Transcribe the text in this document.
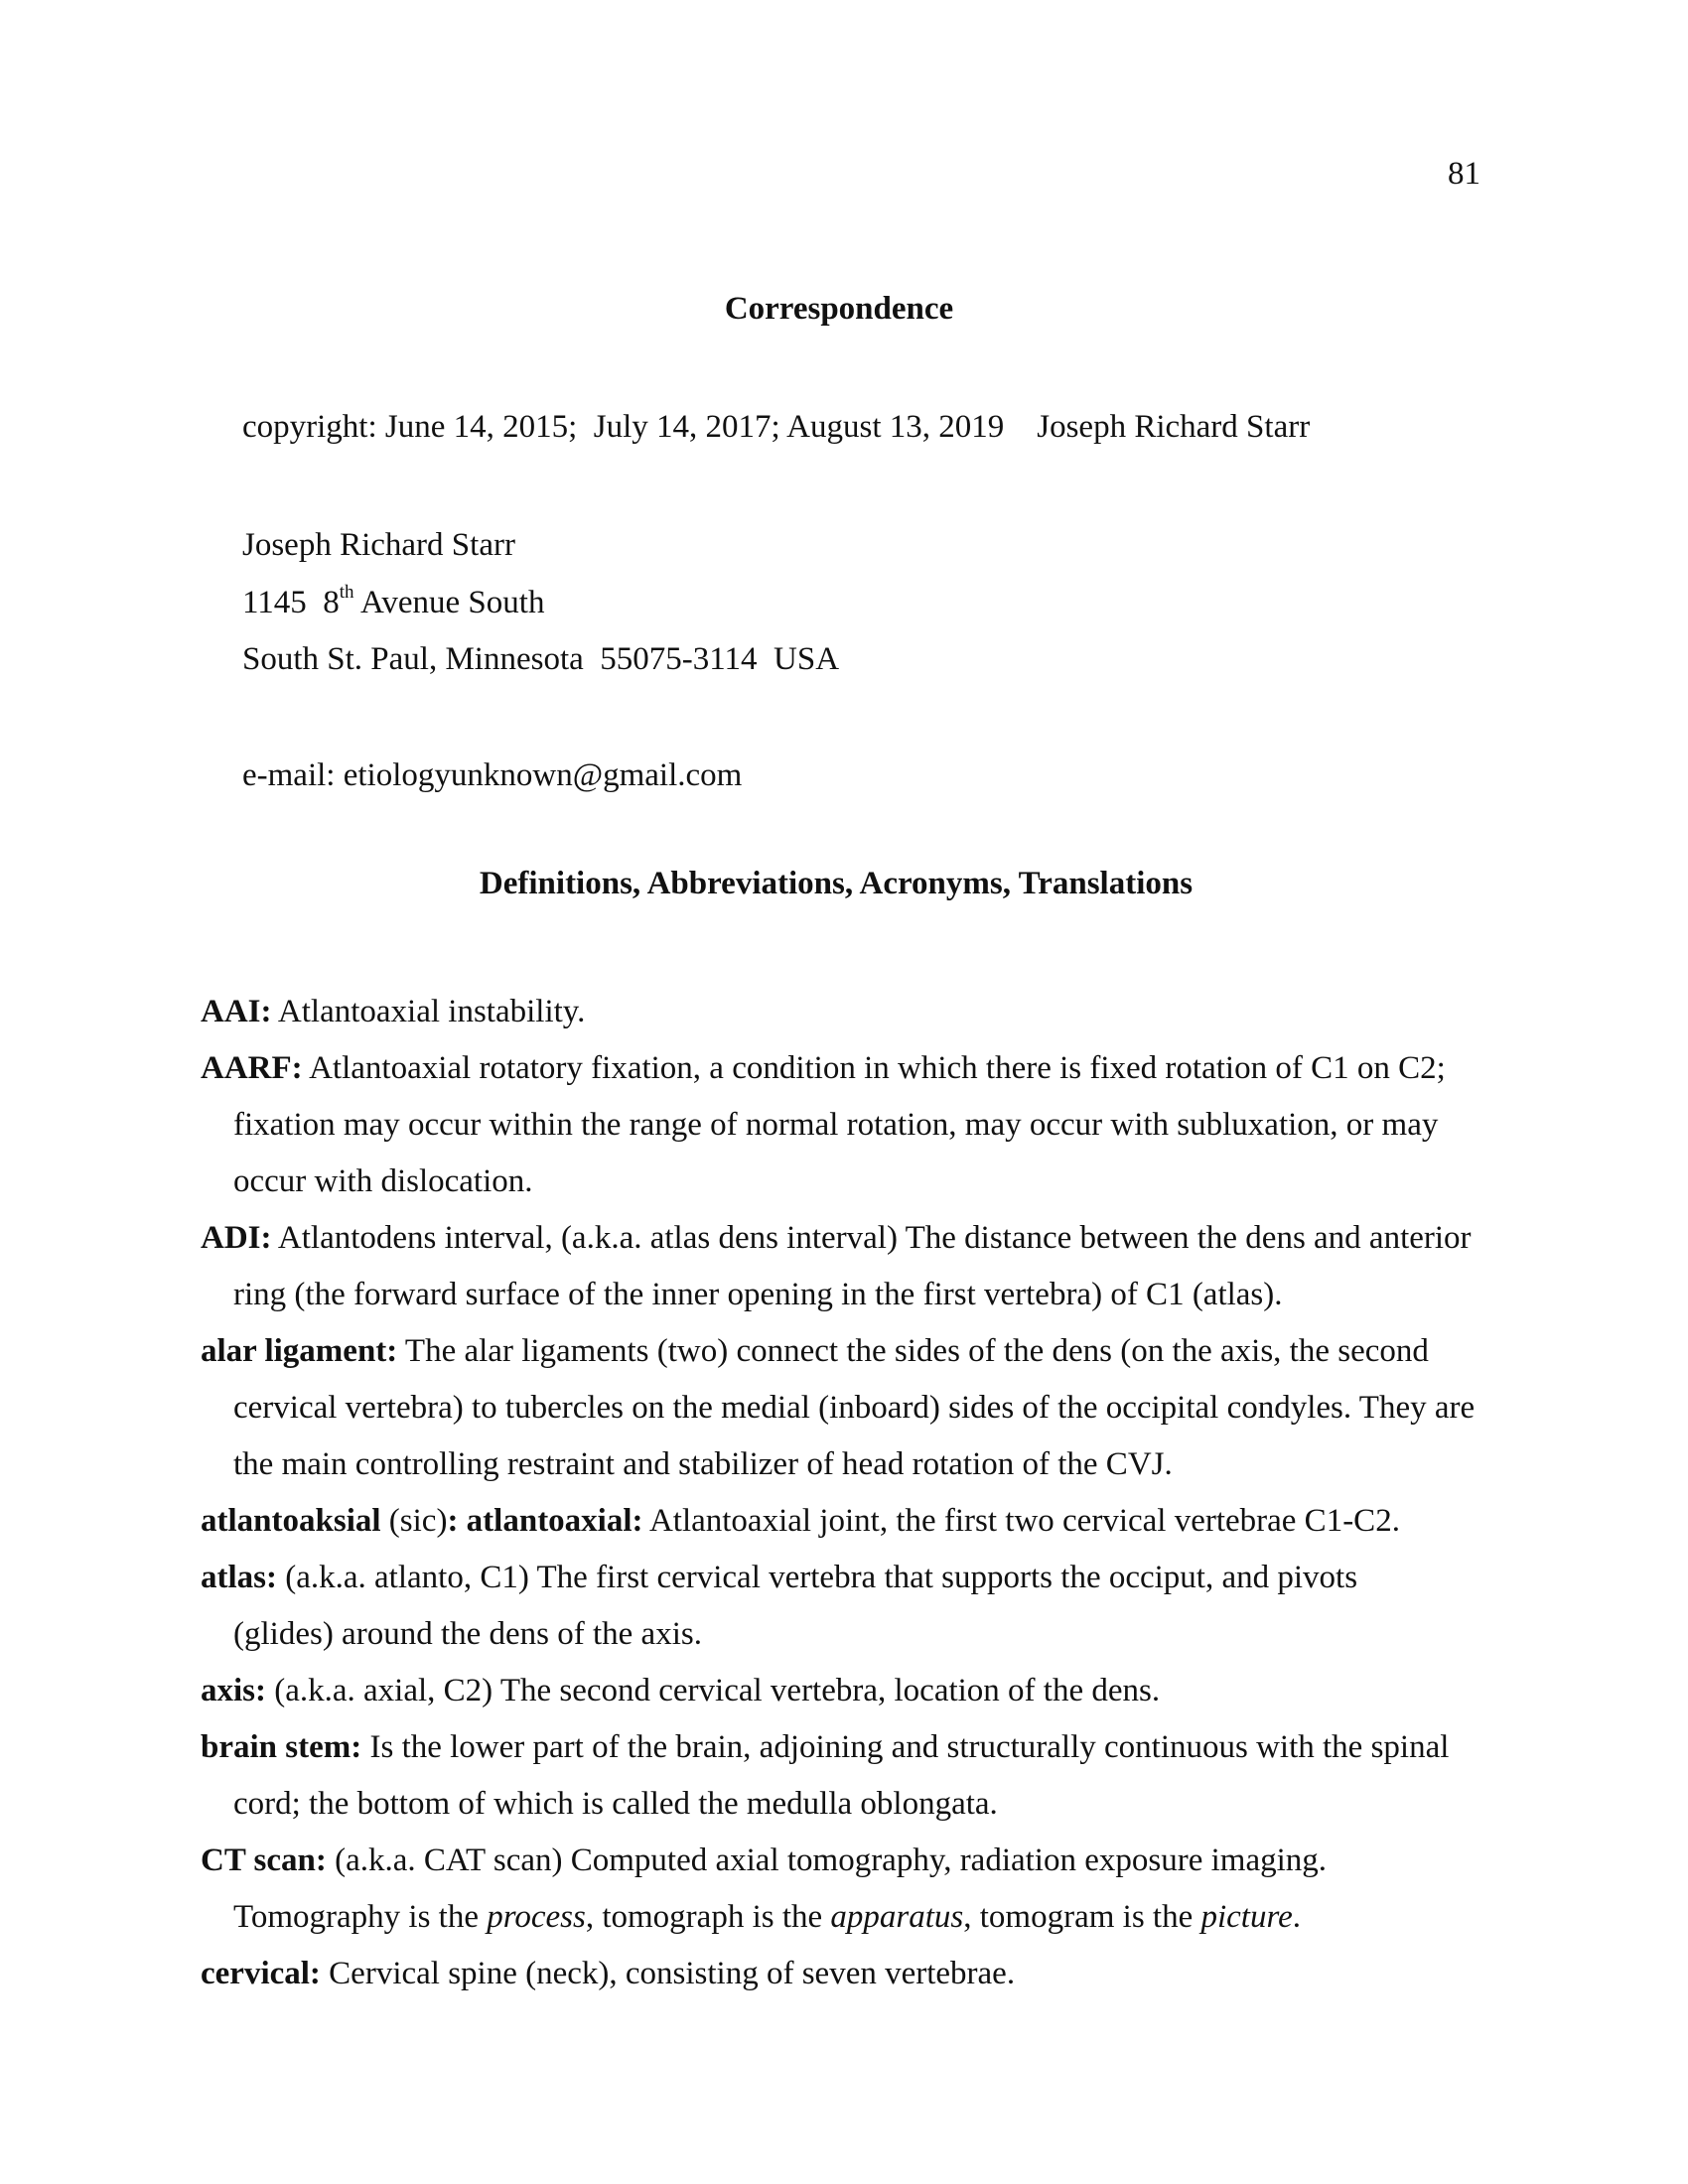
81
Correspondence
copyright: June 14, 2015;  July 14, 2017; August 13, 2019    Joseph Richard Starr
Joseph Richard Starr
1145  8th Avenue South
South St. Paul, Minnesota  55075-3114  USA
e-mail: etiologyunknown@gmail.com
Definitions, Abbreviations, Acronyms, Translations
AAI: Atlantoaxial instability.
AARF: Atlantoaxial rotatory fixation, a condition in which there is fixed rotation of C1 on C2;
fixation may occur within the range of normal rotation, may occur with subluxation, or may
occur with dislocation.
ADI: Atlantodens interval, (a.k.a. atlas dens interval) The distance between the dens and anterior
ring (the forward surface of the inner opening in the first vertebra) of C1 (atlas).
alar ligament: The alar ligaments (two) connect the sides of the dens (on the axis, the second
cervical vertebra) to tubercles on the medial (inboard) sides of the occipital condyles. They are
the main controlling restraint and stabilizer of head rotation of the CVJ.
atlantoaksial (sic): atlantoaxial: Atlantoaxial joint, the first two cervical vertebrae C1-C2.
atlas: (a.k.a. atlanto, C1) The first cervical vertebra that supports the occiput, and pivots
(glides) around the dens of the axis.
axis: (a.k.a. axial, C2) The second cervical vertebra, location of the dens.
brain stem: Is the lower part of the brain, adjoining and structurally continuous with the spinal
cord; the bottom of which is called the medulla oblongata.
CT scan: (a.k.a. CAT scan) Computed axial tomography, radiation exposure imaging.
Tomography is the process, tomograph is the apparatus, tomogram is the picture.
cervical: Cervical spine (neck), consisting of seven vertebrae.
